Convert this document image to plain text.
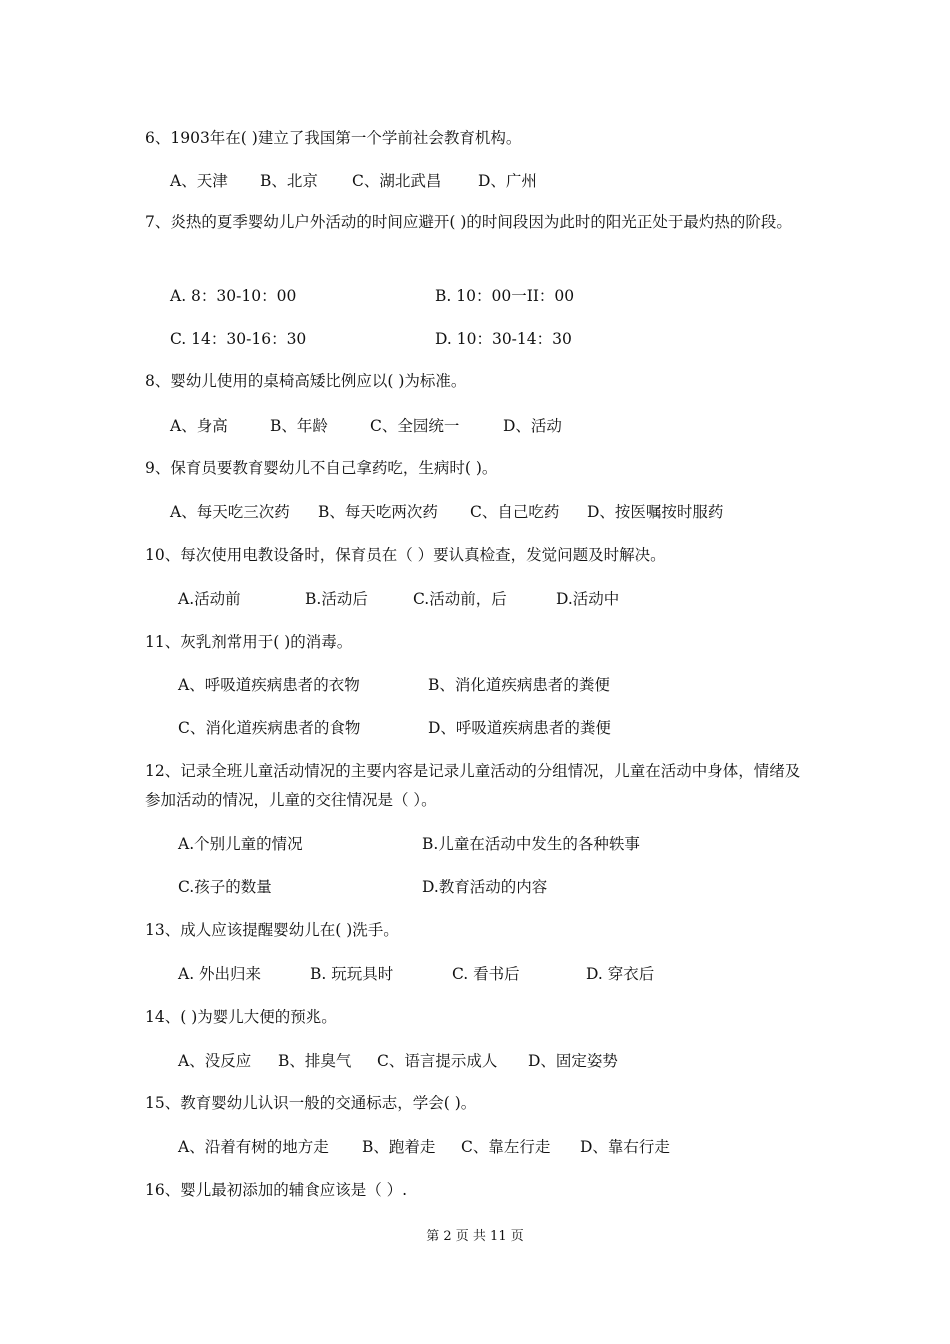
6、1903年在( )建立了我国第一个学前社会教育机构。

A、天津 B、北京 C、湖北武昌 D、广州

7、炎热的夏季婴幼儿户外活动的时间应避开( )的时间段因为此时的阳光正处于最灼热的阶段。

A. 8：30-10：00	B. 10：00一II：00
C. 14：30-16：30	D. 10：30-14：30

8、婴幼儿使用的桌椅高矮比例应以( )为标准。

A、身高	B、年龄	C、全园统一	D、活动

9、保育员要教育婴幼儿不自己拿药吃，生病时( )。

A、每天吃三次药 B、每天吃两次药 C、自己吃药 D、按医嘱按时服药

10、每次使用电教设备时，保育员在（ ）要认真检查，发觉问题及时解决。

A.活动前	B.活动后	C.活动前，后	D.活动中

11、灰乳剂常用于( )的消毒。

A、呼吸道疾病患者的衣物	B、消化道疾病患者的粪便
C、消化道疾病患者的食物	D、呼吸道疾病患者的粪便

12、记录全班儿童活动情况的主要内容是记录儿童活动的分组情况，儿童在活动中身体，情绪及参加活动的情况，儿童的交往情况是（ ）。

A.个别儿童的情况	B.儿童在活动中发生的各种轶事
C.孩子的数量	D.教育活动的内容

13、成人应该提醒婴幼儿在( )洗手。

A. 外出归来	B. 玩玩具时	C. 看书后	D. 穿衣后

14、( )为婴儿大便的预兆。

A、没反应 B、排臭气 C、语言提示成人 D、固定姿势

15、教育婴幼儿认识一般的交通标志，学会( )。

A、沿着有树的地方走 B、跑着走 C、靠左行走 D、靠右行走

16、婴儿最初添加的辅食应该是（ ）.

第 2 页 共 11 页
